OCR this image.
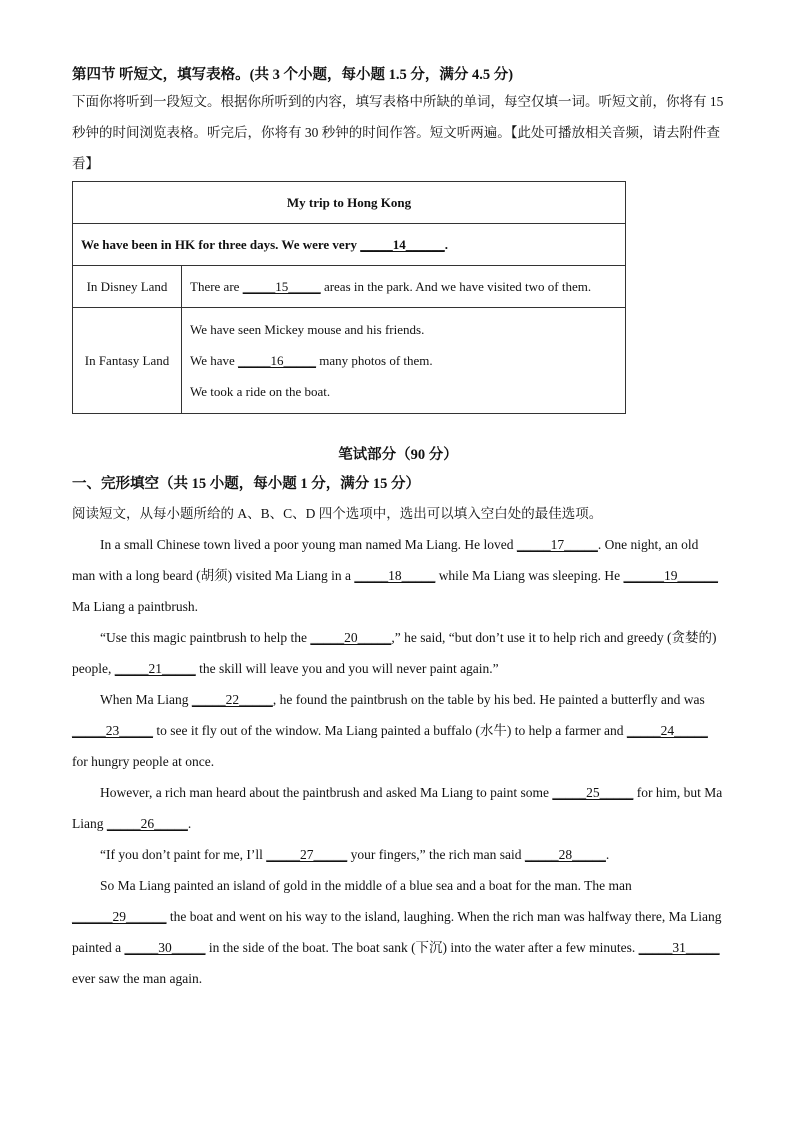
第四节 听短文，填写表格。(共 3 个小题，每小题 1.5 分，满分 4.5 分)

下面你将听到一段短文。根据你所听到的内容，填写表格中所缺的单词，每空仅填一词。听短文前，你将有 15 秒钟的时间浏览表格。听完后，你将有 30 秒钟的时间作答。短文听两遍。【此处可播放相关音频，请去附件查看】

My trip to Hong Kong	
We have been in HK for three days. We were very _____14______.	
In Disney Land	There are _____15_____ areas in the park. And we have visited two of them.
In Fantasy Land	We have seen Mickey mouse and his friends.
We have _____16_____ many photos of them.
We took a ride on the boat.

笔试部分（90 分）

一、完形填空（共 15 小题，每小题 1 分，满分 15 分）

阅读短文，从每小题所给的 A、B、C、D 四个选项中，选出可以填入空白处的最佳选项。

In a small Chinese town lived a poor young man named Ma Liang. He loved _____17_____. One night, an old man with a long beard (胡须) visited Ma Liang in a _____18_____ while Ma Liang was sleeping. He ______19______ Ma Liang a paintbrush.

“Use this magic paintbrush to help the _____20_____,” he said, “but don’t use it to help rich and greedy (贪婪的) people, _____21_____ the skill will leave you and you will never paint again.”

When Ma Liang _____22_____, he found the paintbrush on the table by his bed. He painted a butterfly and was _____23_____ to see it fly out of the window. Ma Liang painted a buffalo (水牛) to help a farmer and _____24_____ for hungry people at once.

However, a rich man heard about the paintbrush and asked Ma Liang to paint some _____25_____ for him, but Ma Liang _____26_____.

“If you don’t paint for me, I’ll _____27_____ your fingers,” the rich man said _____28_____.

So Ma Liang painted an island of gold in the middle of a blue sea and a boat for the man. The man ______29______ the boat and went on his way to the island, laughing. When the rich man was halfway there, Ma Liang painted a _____30_____ in the side of the boat. The boat sank (下沉) into the water after a few minutes. _____31_____ ever saw the man again.
